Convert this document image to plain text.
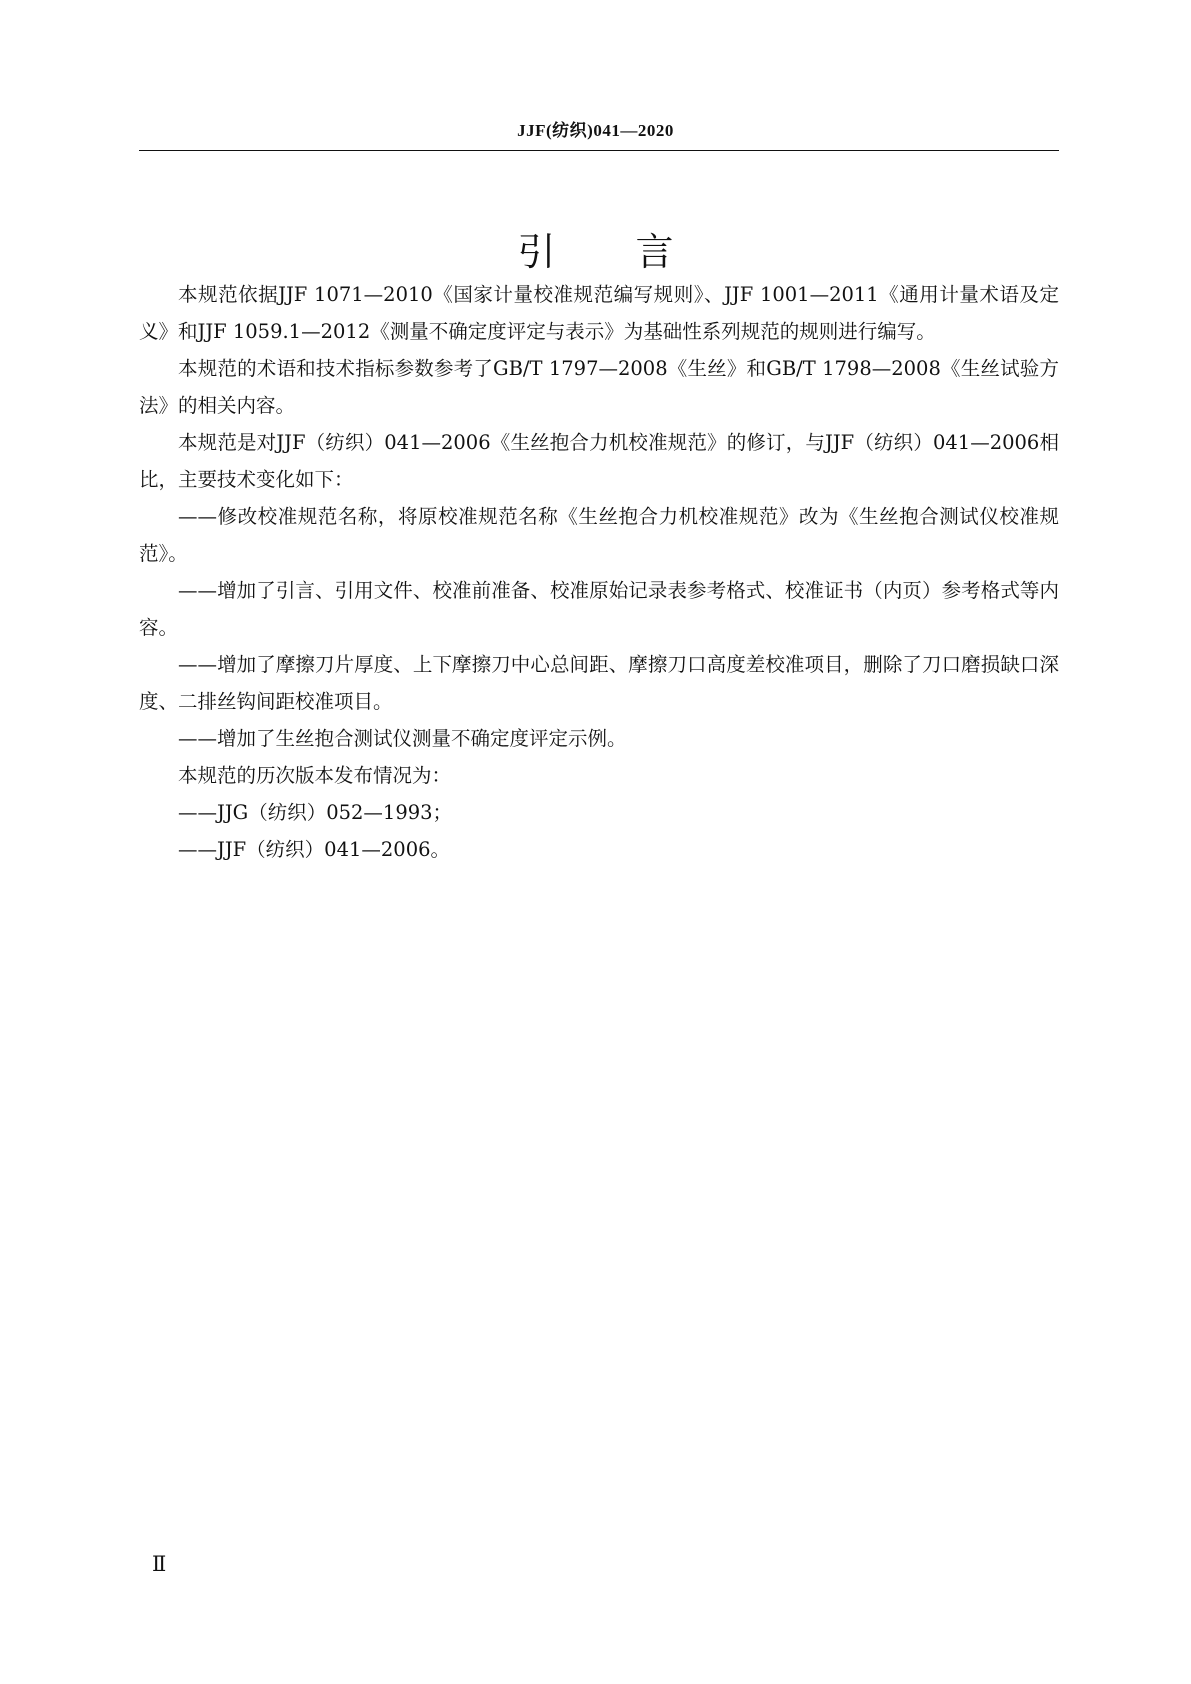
JJF(纺织)041—2020
引言

本规范依据JJF 1071—2010《国家计量校准规范编写规则》、JJF 1001—2011《通用计量术语及定义》和JJF 1059.1—2012《测量不确定度评定与表示》为基础性系列规范的规则进行编写。

本规范的术语和技术指标参数参考了GB/T 1797—2008《生丝》和GB/T 1798—2008《生丝试验方法》的相关内容。

本规范是对JJF（纺织）041—2006《生丝抱合力机校准规范》的修订，与JJF（纺织）041—2006相比，主要技术变化如下：

——修改校准规范名称，将原校准规范名称《生丝抱合力机校准规范》改为《生丝抱合测试仪校准规范》。

——增加了引言、引用文件、校准前准备、校准原始记录表参考格式、校准证书（内页）参考格式等内容。

——增加了摩擦刀片厚度、上下摩擦刀中心总间距、摩擦刀口高度差校准项目，删除了刀口磨损缺口深度、二排丝钩间距校准项目。

——增加了生丝抱合测试仪测量不确定度评定示例。

本规范的历次版本发布情况为：

——JJG（纺织）052—1993；

——JJF（纺织）041—2006。

Ⅱ
